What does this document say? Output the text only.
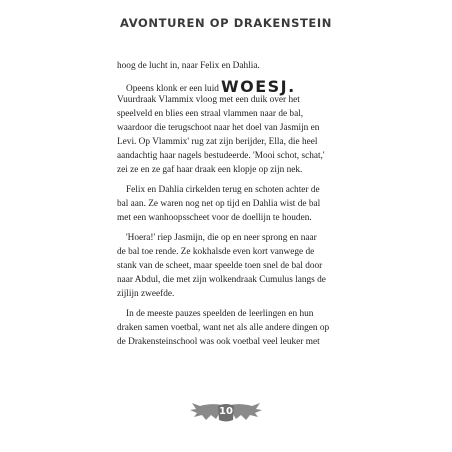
AVONTUREN OP DRAKENSTEIN
hoog de lucht in, naar Felix en Dahlia.
Opeens klonk er een luid WOESJ.
Vuurdraak Vlammix vloog met een duik over het
speelveld en blies een straal vlammen naar de bal,
waardoor die terugschoot naar het doel van Jasmijn en
Levi. Op Vlammix' rug zat zijn berijder, Ella, die heel
aandachtig haar nagels bestudeerde. 'Mooi schot, schat,'
zei ze en ze gaf haar draak een klopje op zijn nek.
Felix en Dahlia cirkelden terug en schoten achter de
bal aan. Ze waren nog net op tijd en Dahlia wist de bal
met een wanhoopsscheet voor de doellijn te houden.
'Hoera!' riep Jasmijn, die op en neer sprong en naar
de bal toe rende. Ze kokhalsde even kort vanwege de
stank van de scheet, maar speelde toen snel de bal door
naar Abdul, die met zijn wolkendraak Cumulus langs de
zijlijn zweefde.
In de meeste pauzes speelden de leerlingen en hun
draken samen voetbal, want net als alle andere dingen op
de Drakensteinschool was ook voetbal veel leuker met
10
